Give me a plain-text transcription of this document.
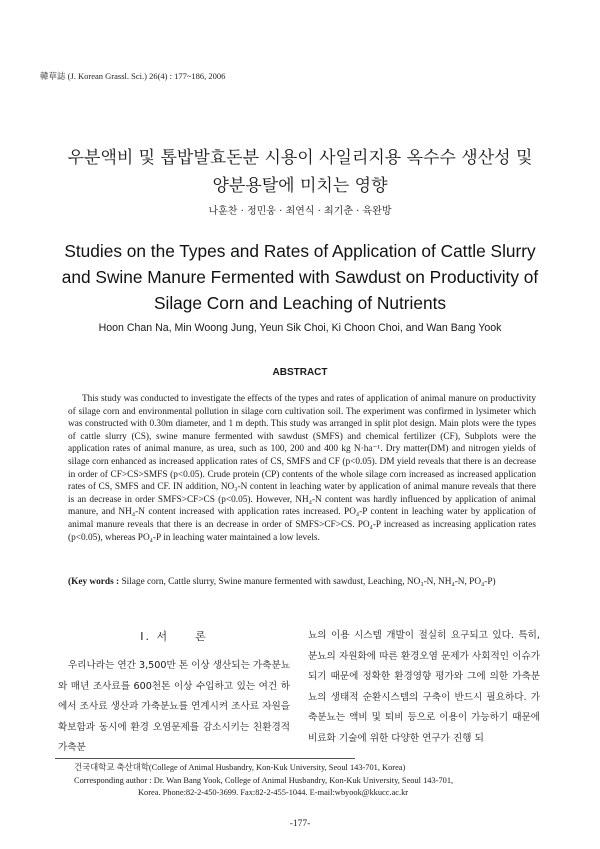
韓草誌 (J. Korean Grassl. Sci.) 26(4) : 177~186, 2006
우분액비 및 톱밥발효돈분 시용이 사일리지용 옥수수 생산성 및
양분용탈에 미치는 영향
나훈찬 · 정민웅 · 최연식 · 최기춘 · 육완방
Studies on the Types and Rates of Application of Cattle Slurry
and Swine Manure Fermented with Sawdust on Productivity of
Silage Corn and Leaching of Nutrients
Hoon Chan Na, Min Woong Jung, Yeun Sik Choi, Ki Choon Choi, and Wan Bang Yook
ABSTRACT
This study was conducted to investigate the effects of the types and rates of application of animal manure on productivity of silage corn and environmental pollution in silage corn cultivation soil. The experiment was confirmed in lysimeter which was constructed with 0.30m diameter, and 1 m depth. This study was arranged in split plot design. Main plots were the types of cattle slurry (CS), swine manure fermented with sawdust (SMFS) and chemical fertilizer (CF), Subplots were the application rates of animal manure, as urea, such as 100, 200 and 400 kg N·ha⁻¹. Dry matter(DM) and nitrogen yields of silage corn enhanced as increased application rates of CS, SMFS and CF (p<0.05). DM yield reveals that there is an decrease in order of CF>CS>SMFS (p<0.05). Crude protein (CP) contents of the whole silage corn increased as increased application rates of CS, SMFS and CF. IN addition, NO₃-N content in leaching water by application of animal manure reveals that there is an decrease in order SMFS>CF>CS (p<0.05). However, NH₄-N content was hardly influenced by application of animal manure, and NH₄-N content increased with application rates increased. PO₄-P content in leaching water by application of animal manure reveals that there is an decrease in order of SMFS>CF>CS. PO₄-P increased as increasing application rates (p<0.05), whereas PO₄-P in leaching water maintained a low levels.
(Key words : Silage corn, Cattle slurry, Swine manure fermented with sawdust, Leaching, NO₃-N, NH₄-N, PO₄-P)
I. 서　　론
우리나라는 연간 3,500만 톤 이상 생산되는 가축분뇨와 매년 조사료를 600천톤 이상 수입하고 있는 여건 하에서 조사료 생산과 가축분뇨를 연계시켜 조사료 자원을 확보함과 동시에 환경 오염문제를 감소시키는 친환경적 가축분
뇨의 이용 시스템 개발이 절실히 요구되고 있다. 특히, 분뇨의 자원화에 따른 환경오염 문제가 사회적인 이슈가 되기 때문에 정확한 환경영향 평가와 그에 의한 가축분뇨의 생태적 순환시스템의 구축이 반드시 필요하다. 가축분뇨는 액비 및 퇴비 등으로 이용이 가능하기 때문에 비료화 기술에 위한 다양한 연구가 진행 되
건국대학교 축산대학(College of Animal Husbandry, Kon-Kuk University, Seoul 143-701, Korea)
Corresponding author : Dr. Wan Bang Yook, College of Animal Husbandry, Kon-Kuk University, Seoul 143-701,
Korea. Phone:82-2-450-3699. Fax:82-2-455-1044. E-mail:wbyook@kkucc.ac.kr
-177-
